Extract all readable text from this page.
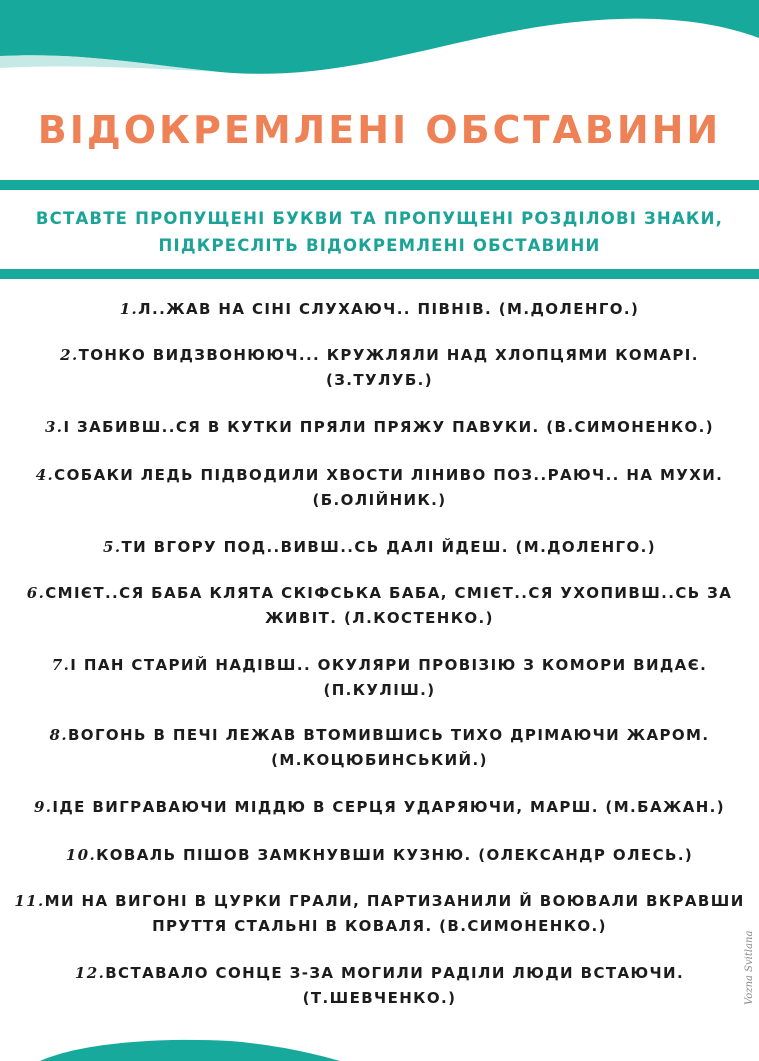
ВІДОКРЕМЛЕНІ ОБСТАВИНИ
ВСТАВТЕ ПРОПУЩЕНІ БУКВИ ТА ПРОПУЩЕНІ РОЗДІЛОВІ ЗНАКИ,
ПІДКРЕСЛІТЬ ВІДОКРЕМЛЕНІ ОБСТАВИНИ
1.Л..ЖАВ НА СІНІ СЛУХАЮЧ.. ПІВНІВ. (М.ДОЛЕНГО.)
2.ТОНКО ВИДЗВОНЮЮЧ... КРУЖЛЯЛИ НАД ХЛОПЦЯМИ КОМАРІ.
(З.ТУЛУБ.)
3.І ЗАБИВШ..СЯ В КУТКИ ПРЯЛИ ПРЯЖУ ПАВУКИ. (В.СИМОНЕНКО.)
4.СОБАКИ ЛЕДЬ ПІДВОДИЛИ ХВОСТИ ЛІНИВО ПОЗ..РАЮЧ.. НА МУХИ.
(Б.ОЛІЙНИК.)
5.ТИ ВГОРУ ПОД..ВИВШ..СЬ ДАЛІ ЙДЕШ. (М.ДОЛЕНГО.)
6.СМІЄТ..СЯ БАБА КЛЯТА СКІФСЬКА БАБА, СМІЄТ..СЯ УХОПИВШ..СЬ ЗА
ЖИВІТ. (Л.КОСТЕНКО.)
7.І ПАН СТАРИЙ НАДІВШ.. ОКУЛЯРИ ПРОВІЗІЮ З КОМОРИ ВИДАЄ.
(П.КУЛІШ.)
8.ВОГОНЬ В ПЕЧІ ЛЕЖАВ ВТОМИВШИСЬ ТИХО ДРІМАЮЧИ ЖАРОМ.
(М.КОЦЮБИНСЬКИЙ.)
9.ІДЕ ВИГРАВАЮЧИ МІДДЮ В СЕРЦЯ УДАРЯЮЧИ, МАРШ. (М.БАЖАН.)
10.КОВАЛЬ ПІШОВ ЗАМКНУВШИ КУЗНЮ. (ОЛЕКСАНДР ОЛЕСЬ.)
11.МИ НА ВИГОНІ В ЦУРКИ ГРАЛИ, ПАРТИЗАНИЛИ Й ВОЮВАЛИ ВКРАВШИ
ПРУТТЯ СТАЛЬНІ В КОВАЛЯ. (В.СИМОНЕНКО.)
12.ВСТАВАЛО СОНЦЕ З-ЗА МОГИЛИ РАДІЛИ ЛЮДИ ВСТАЮЧИ.
(Т.ШЕВЧЕНКО.)	Vozna Svitlana
